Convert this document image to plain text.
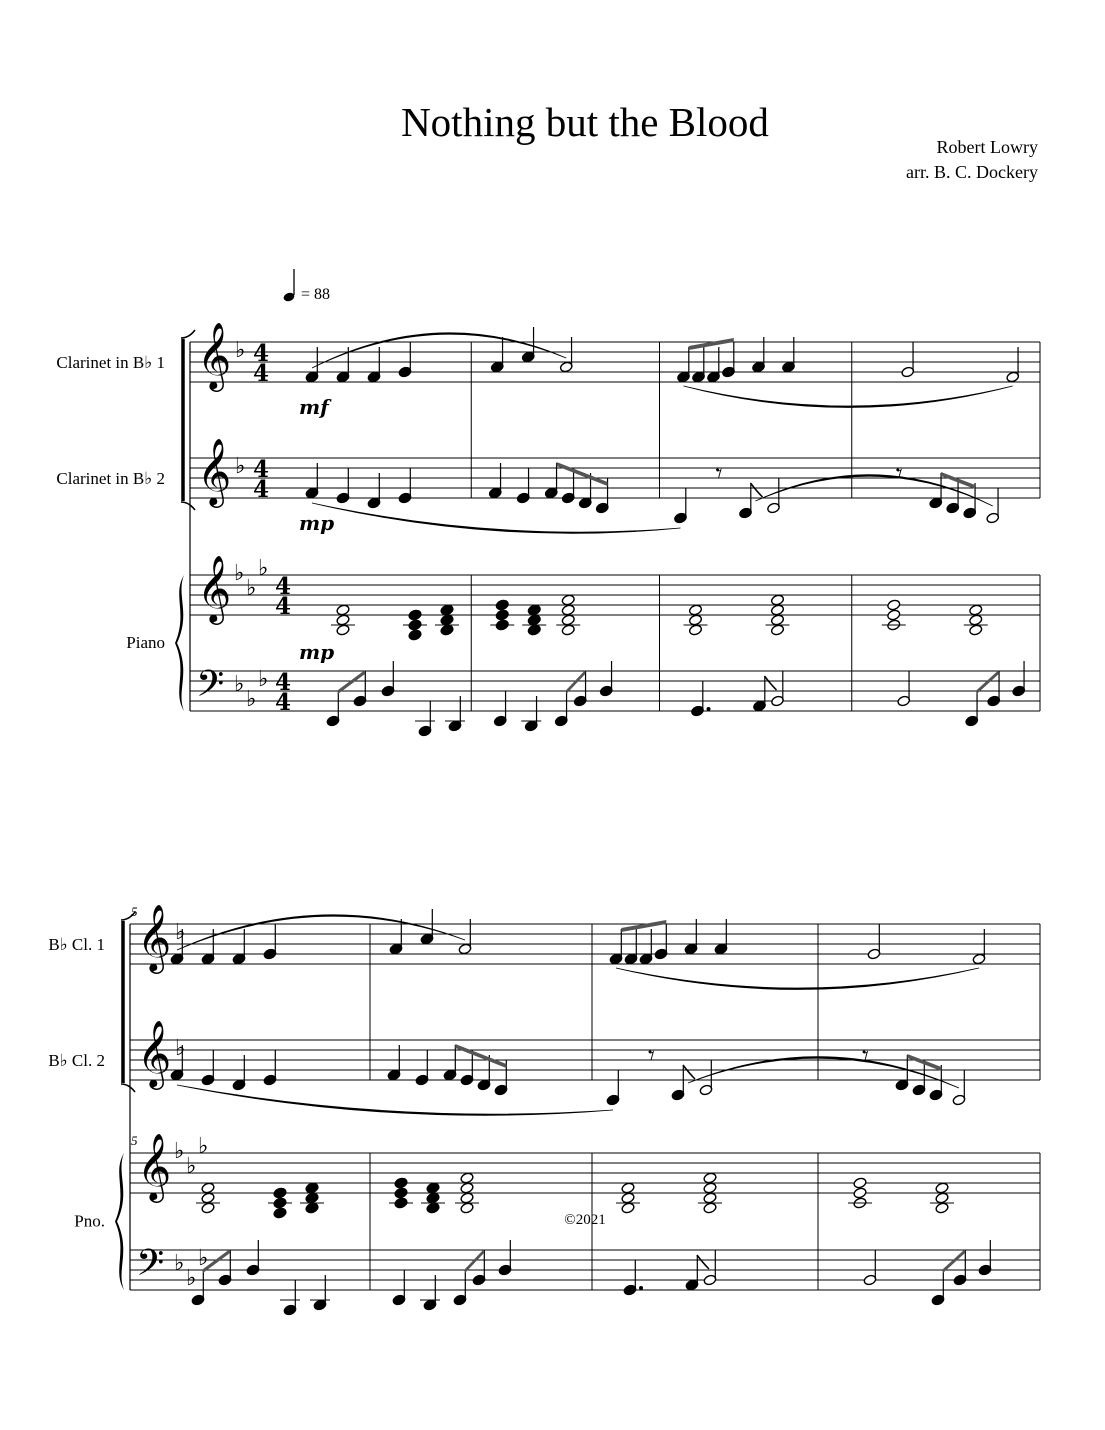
Nothing but the Blood
Robert Lowry
arr. B. C. Dockery
= 88
𝄞 ♭ 4
4
𝄞 ♭ 4
4
𝄾	𝄾
𝄞 ♭
♭
♭
4
4
𝄢 ♭
♭
♭ 4
4
Clarinet in B♭ 1
Clarinet in B♭ 2
Piano
mf
mp
mp
𝄞 ♭
𝄞 ♭	𝄾	𝄾
𝄞 ♭
♭
♭
𝄢 ♭
♭
♭
B♭ Cl. 1
B♭ Cl. 2
Pno.
5
5
©2021
